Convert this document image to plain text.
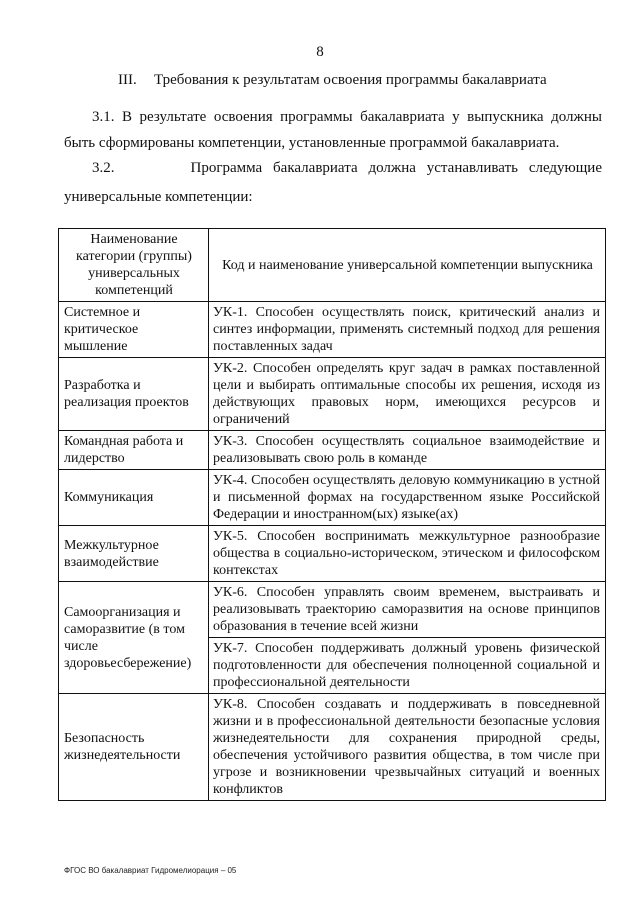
8
III. Требования к результатам освоения программы бакалавриата
3.1. В результате освоения программы бакалавриата у выпускника должны быть сформированы компетенции, установленные программой бакалавриата.
3.2.	Программа бакалавриата должна устанавливать следующие
универсальные компетенции:
Наименование категории (группы) универсальных компетенций	Код и наименование универсальной компетенции выпускника
Системное и критическое мышление	УК-1. Способен осуществлять поиск, критический анализ и синтез информации, применять системный подход для решения поставленных задач
Разработка и реализация проектов	УК-2. Способен определять круг задач в рамках поставленной цели и выбирать оптимальные способы их решения, исходя из действующих правовых норм, имеющихся ресурсов и ограничений
Командная работа и лидерство	УК-3. Способен осуществлять социальное взаимодействие и реализовывать свою роль в команде
Коммуникация	УК-4. Способен осуществлять деловую коммуникацию в устной и письменной формах на государственном языке Российской Федерации и иностранном(ых) языке(ах)
Межкультурное взаимодействие	УК-5. Способен воспринимать межкультурное разнообразие общества в социально-историческом, этическом и философском контекстах
Самоорганизация и саморазвитие (в том числе здоровьесбережение)	УК-6. Способен управлять своим временем, выстраивать и реализовывать траекторию саморазвития на основе принципов образования в течение всей жизни
	УК-7. Способен поддерживать должный уровень физической подготовленности для обеспечения полноценной социальной и профессиональной деятельности
Безопасность жизнедеятельности	УК-8. Способен создавать и поддерживать в повседневной жизни и в профессиональной деятельности безопасные условия жизнедеятельности для сохранения природной среды, обеспечения устойчивого развития общества, в том числе при угрозе и возникновении чрезвычайных ситуаций и военных конфликтов
ФГОС ВО бакалавриат Гидромелиорация – 05
